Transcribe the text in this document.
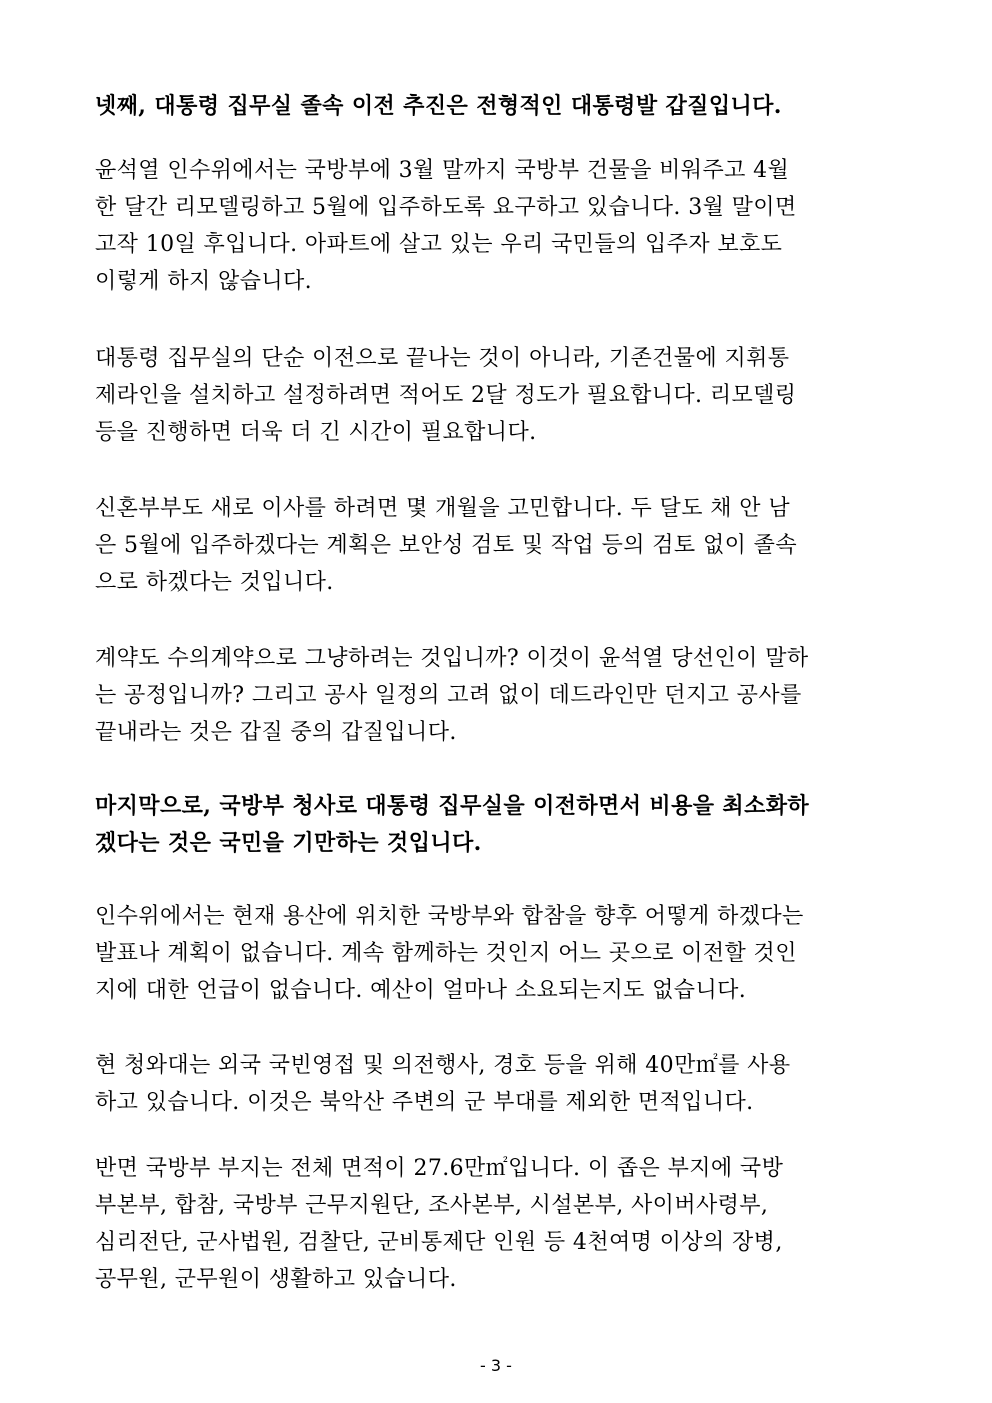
넷째, 대통령 집무실 졸속 이전 추진은 전형적인 대통령발 갑질입니다.
윤석열 인수위에서는 국방부에 3월 말까지 국방부 건물을 비워주고 4월
한 달간 리모델링하고 5월에 입주하도록 요구하고 있습니다. 3월 말이면
고작 10일 후입니다. 아파트에 살고 있는 우리 국민들의 입주자 보호도
이렇게 하지 않습니다.
대통령 집무실의 단순 이전으로 끝나는 것이 아니라, 기존건물에 지휘통
제라인을 설치하고 설정하려면 적어도 2달 정도가 필요합니다. 리모델링
등을 진행하면 더욱 더 긴 시간이 필요합니다.
신혼부부도 새로 이사를 하려면 몇 개월을 고민합니다. 두 달도 채 안 남
은 5월에 입주하겠다는 계획은 보안성 검토 및 작업 등의 검토 없이 졸속
으로 하겠다는 것입니다.
계약도 수의계약으로 그냥하려는 것입니까? 이것이 윤석열 당선인이 말하
는 공정입니까? 그리고 공사 일정의 고려 없이 데드라인만 던지고 공사를
끝내라는 것은 갑질 중의 갑질입니다.
마지막으로, 국방부 청사로 대통령 집무실을 이전하면서 비용을 최소화하
겠다는 것은 국민을 기만하는 것입니다.
인수위에서는 현재 용산에 위치한 국방부와 합참을 향후 어떻게 하겠다는
발표나 계획이 없습니다. 계속 함께하는 것인지 어느 곳으로 이전할 것인
지에 대한 언급이 없습니다. 예산이 얼마나 소요되는지도 없습니다.
현 청와대는 외국 국빈영접 및 의전행사, 경호 등을 위해 40만㎡를 사용
하고 있습니다. 이것은 북악산 주변의 군 부대를 제외한 면적입니다.
반면 국방부 부지는 전체 면적이 27.6만㎡입니다. 이 좁은 부지에 국방
부본부, 합참, 국방부 근무지원단, 조사본부, 시설본부, 사이버사령부,
심리전단, 군사법원, 검찰단, 군비통제단 인원 등 4천여명 이상의 장병,
공무원, 군무원이 생활하고 있습니다.
- 3 -
